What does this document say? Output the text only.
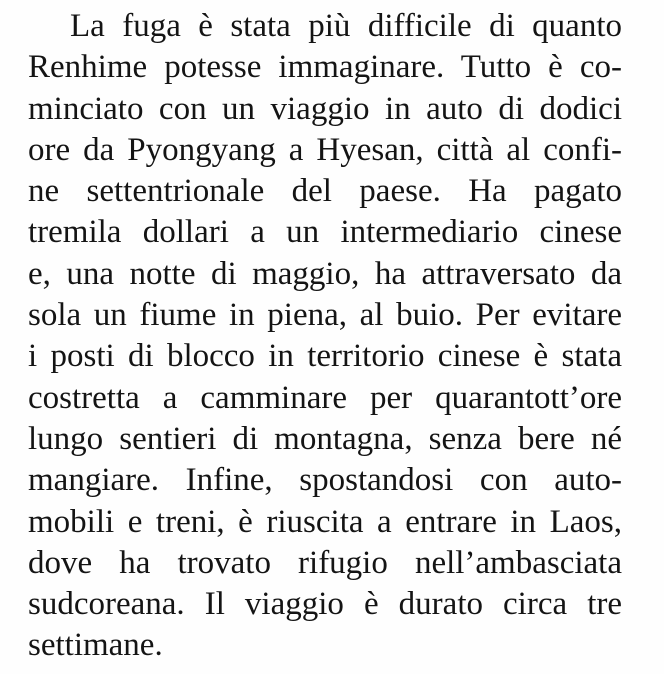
La fuga è stata più difficile di quanto
Renhime potesse immaginare. Tutto è co-
minciato con un viaggio in auto di dodici
ore da Pyongyang a Hyesan, città al confi-
ne settentrionale del paese. Ha pagato
tremila dollari a un intermediario cinese
e, una notte di maggio, ha attraversato da
sola un fiume in piena, al buio. Per evitare
i posti di blocco in territorio cinese è stata
costretta a camminare per quarantott’ore
lungo sentieri di montagna, senza bere né
mangiare. Infine, spostandosi con auto-
mobili e treni, è riuscita a entrare in Laos,
dove ha trovato rifugio nell’ambasciata
sudcoreana. Il viaggio è durato circa tre
settimane.
